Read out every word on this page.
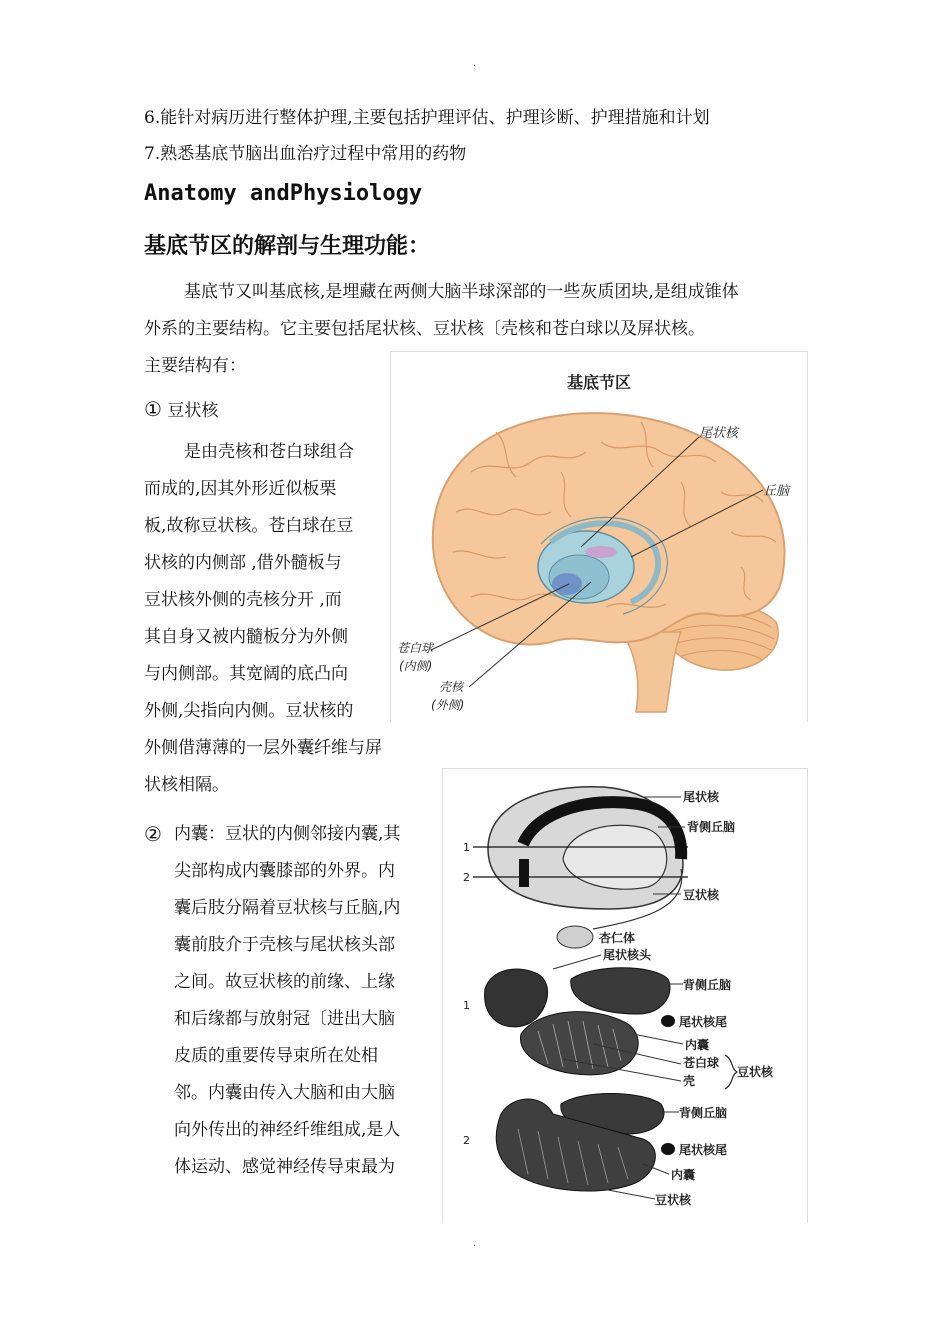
.
6.能针对病历进行整体护理,主要包括护理评估、护理诊断、护理措施和计划
7.熟悉基底节脑出血治疗过程中常用的药物
Anatomy andPhysiology
基底节区的解剖与生理功能：
基底节又叫基底核,是埋藏在两侧大脑半球深部的一些灰质团块,是组成锥体
外系的主要结构。它主要包括尾状核、豆状核〔壳核和苍白球以及屏状核。
主要结构有：
① 豆状核
是由壳核和苍白球组合
而成的,因其外形近似板栗
板,故称豆状核。苍白球在豆
状核的内侧部 ,借外髓板与
豆状核外侧的壳核分开 ,而
其自身又被内髓板分为外侧
与内侧部。其宽阔的底凸向
外侧,尖指向内侧。豆状核的
外侧借薄薄的一层外囊纤维与屏
状核相隔。
② 内囊：豆状的内侧邻接内囊,其
尖部构成内囊膝部的外界。内
囊后肢分隔着豆状核与丘脑,内
囊前肢介于壳核与尾状核头部
之间。故豆状核的前缘、上缘
和后缘都与放射冠〔进出大脑
皮质的重要传导束所在处相
邻。内囊由传入大脑和由大脑
向外传出的神经纤维组成,是人
体运动、感觉神经传导束最为
基底节区
尾状核
丘脑
苍白球
(内侧)
壳核
(外侧)
1
2
尾状核
背侧丘脑
豆状核
杏仁体
尾状核头
1
背侧丘脑
尾状核尾
内囊
苍白球
壳
豆状核
2
背侧丘脑
尾状核尾
内囊
豆状核
.
